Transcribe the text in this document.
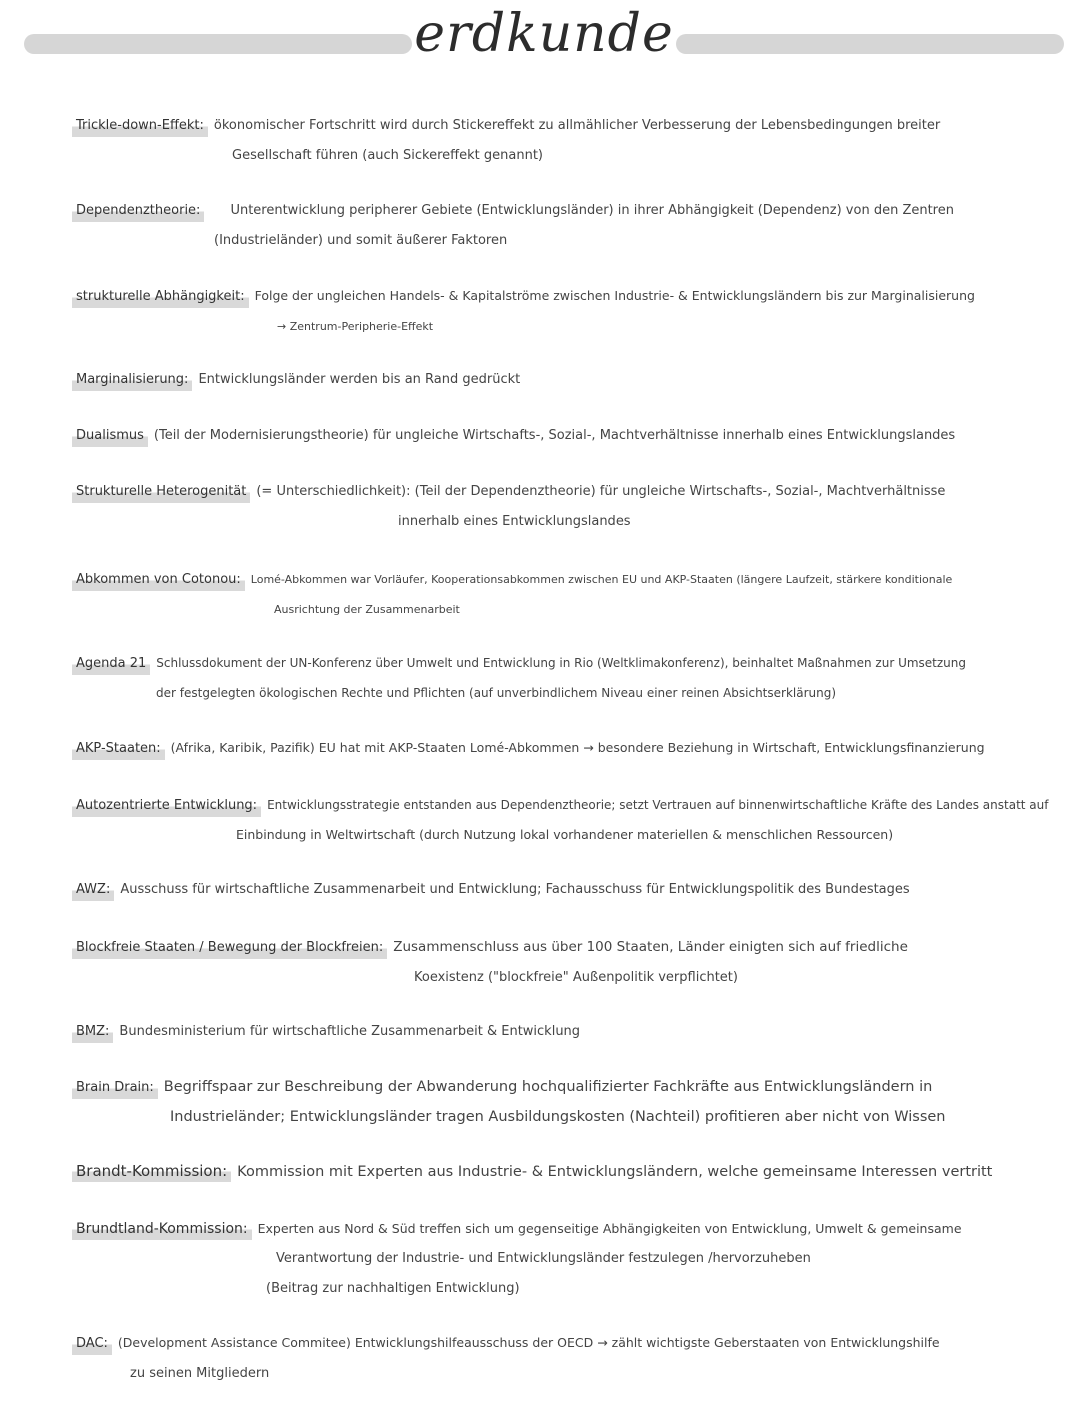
erdkunde
Trickle-down-Effekt: ökonomischer Fortschritt wird durch Stickereffekt zu allmählicher Verbesserung der Lebensbedingungen breiter
Gesellschaft führen (auch Sickereffekt genannt)
Dependenztheorie: Unterentwicklung peripherer Gebiete (Entwicklungsländer) in ihrer Abhängigkeit (Dependenz) von den Zentren
(Industrieländer) und somit äußerer Faktoren
strukturelle Abhängigkeit: Folge der ungleichen Handels- & Kapitalströme zwischen Industrie- & Entwicklungsländern bis zur Marginalisierung
→ Zentrum-Peripherie-Effekt
Marginalisierung: Entwicklungsländer werden bis an Rand gedrückt
Dualismus (Teil der Modernisierungstheorie) für ungleiche Wirtschafts-, Sozial-, Machtverhältnisse innerhalb eines Entwicklungslandes
Strukturelle Heterogenität (= Unterschiedlichkeit): (Teil der Dependenztheorie) für ungleiche Wirtschafts-, Sozial-, Machtverhältnisse
innerhalb eines Entwicklungslandes
Abkommen von Cotonou: Lomé-Abkommen war Vorläufer, Kooperationsabkommen zwischen EU und AKP-Staaten (längere Laufzeit, stärkere konditionale
Ausrichtung der Zusammenarbeit
Agenda 21 Schlussdokument der UN-Konferenz über Umwelt und Entwicklung in Rio (Weltklimakonferenz), beinhaltet Maßnahmen zur Umsetzung
der festgelegten ökologischen Rechte und Pflichten (auf unverbindlichem Niveau einer reinen Absichtserklärung)
AKP-Staaten: (Afrika, Karibik, Pazifik) EU hat mit AKP-Staaten Lomé-Abkommen → besondere Beziehung in Wirtschaft, Entwicklungsfinanzierung
Autozentrierte Entwicklung: Entwicklungsstrategie entstanden aus Dependenztheorie; setzt Vertrauen auf binnenwirtschaftliche Kräfte des Landes anstatt auf
Einbindung in Weltwirtschaft (durch Nutzung lokal vorhandener materiellen & menschlichen Ressourcen)
AWZ: Ausschuss für wirtschaftliche Zusammenarbeit und Entwicklung; Fachausschuss für Entwicklungspolitik des Bundestages
Blockfreie Staaten / Bewegung der Blockfreien: Zusammenschluss aus über 100 Staaten, Länder einigten sich auf friedliche
Koexistenz ("blockfreie" Außenpolitik verpflichtet)
BMZ: Bundesministerium für wirtschaftliche Zusammenarbeit & Entwicklung
Brain Drain: Begriffspaar zur Beschreibung der Abwanderung hochqualifizierter Fachkräfte aus Entwicklungsländern in
Industrieländer; Entwicklungsländer tragen Ausbildungskosten (Nachteil) profitieren aber nicht von Wissen
Brandt-Kommission: Kommission mit Experten aus Industrie- & Entwicklungsländern, welche gemeinsame Interessen vertritt
Brundtland-Kommission: Experten aus Nord & Süd treffen sich um gegenseitige Abhängigkeiten von Entwicklung, Umwelt & gemeinsame
Verantwortung der Industrie- und Entwicklungsländer festzulegen /hervorzuheben
(Beitrag zur nachhaltigen Entwicklung)
DAC: (Development Assistance Commitee) Entwicklungshilfeausschuss der OECD → zählt wichtigste Geberstaaten von Entwicklungshilfe
zu seinen Mitgliedern
